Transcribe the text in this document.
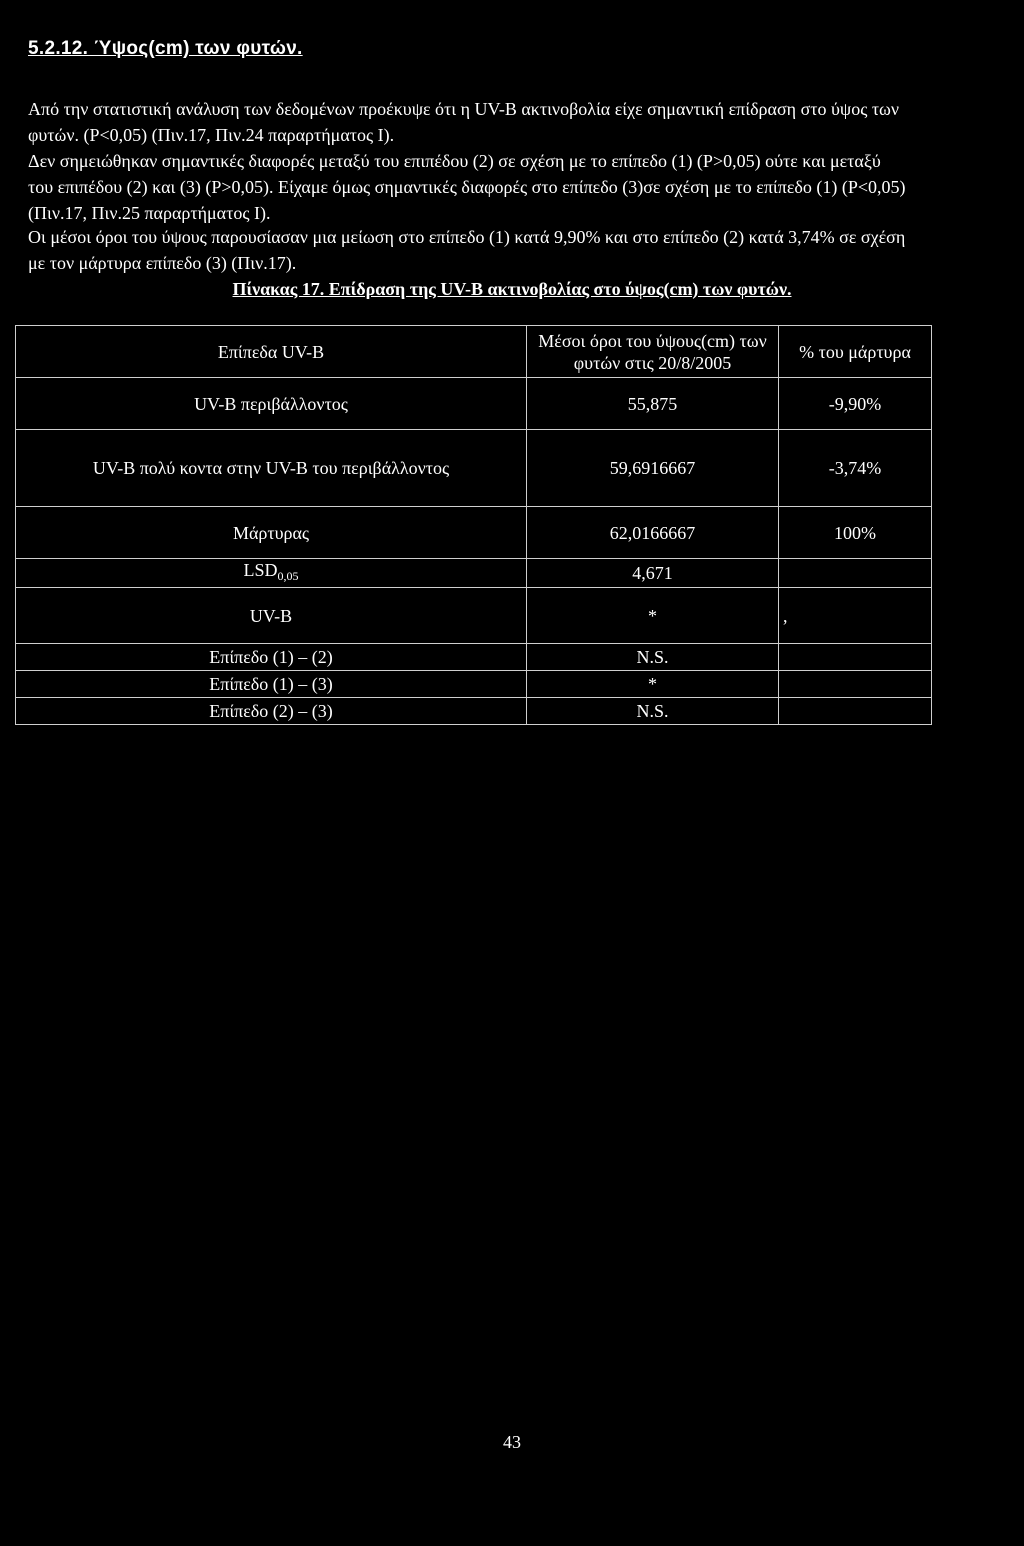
5.2.12. Ύψος(cm) των φυτών.

Από την στατιστική ανάλυση των δεδομένων προέκυψε ότι η UV-B ακτινοβολία είχε σημαντική επίδραση στο ύψος των φυτών. (P<0,05) (Πιν.17, Πιν.24 παραρτήματος Ι).

Δεν σημειώθηκαν σημαντικές διαφορές μεταξύ του επιπέδου (2) σε σχέση με το επίπεδο (1) (P>0,05) ούτε και μεταξύ του επιπέδου (2) και (3) (P>0,05). Είχαμε όμως σημαντικές διαφορές στο επίπεδο (3)σε σχέση με το επίπεδο (1) (P<0,05) (Πιν.17, Πιν.25 παραρτήματος Ι).

Οι μέσοι όροι του ύψους παρουσίασαν μια μείωση στο επίπεδο (1) κατά 9,90% και στο επίπεδο (2) κατά 3,74% σε σχέση με τον μάρτυρα επίπεδο (3) (Πιν.17).

Πίνακας 17. Επίδραση της UV-B ακτινοβολίας στο ύψος(cm) των φυτών.

Επίπεδα UV-B	Μέσοι όροι του ύψους(cm) των φυτών στις 20/8/2005	% του μάρτυρα
UV-B περιβάλλοντος	55,875	-9,90%
UV-B πολύ κοντα στην UV-B του περιβάλλοντος	59,6916667	-3,74%
Μάρτυρας	62,0166667	100%
$LSD_{0,05}$	4,671	
UV-B	*	,
Επίπεδο (1) – (2)	N.S.	
Επίπεδο (1) – (3)	*	
Επίπεδο (2) – (3)	N.S.	

43
